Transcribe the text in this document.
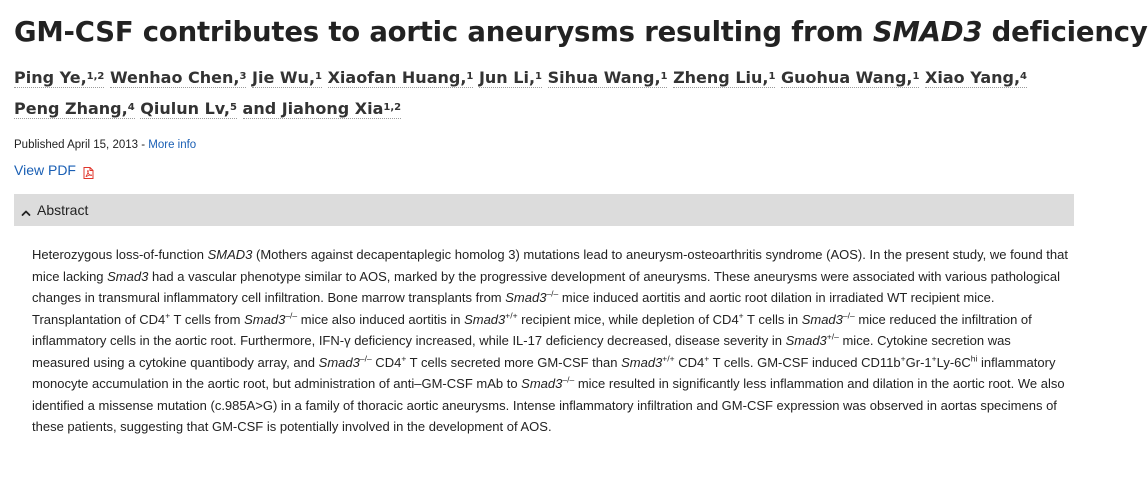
GM-CSF contributes to aortic aneurysms resulting from SMAD3 deficiency
Ping Ye,$^{1,2}$ Wenhao Chen,$^3$ Jie Wu,$^1$ Xiaofan Huang,$^1$ Jun Li,$^1$ Sihua Wang,$^1$ Zheng Liu,$^1$ Guohua Wang,$^1$ Xiao Yang,$^4$ Peng Zhang,$^4$ Qiulun Lv,$^5$ and Jiahong Xia$^{1,2}$
Published April 15, 2013 - More info
View PDF
Abstract
Heterozygous loss-of-function SMAD3 (Mothers against decapentaplegic homolog 3) mutations lead to aneurysm-osteoarthritis syndrome (AOS). In the present study, we found that mice lacking Smad3 had a vascular phenotype similar to AOS, marked by the progressive development of aneurysms. These aneurysms were associated with various pathological changes in transmural inflammatory cell infiltration. Bone marrow transplants from Smad3–/– mice induced aortitis and aortic root dilation in irradiated WT recipient mice. Transplantation of CD4+ T cells from Smad3–/– mice also induced aortitis in Smad3+/+ recipient mice, while depletion of CD4+ T cells in Smad3–/– mice reduced the infiltration of inflammatory cells in the aortic root. Furthermore, IFN-γ deficiency increased, while IL-17 deficiency decreased, disease severity in Smad3+/– mice. Cytokine secretion was measured using a cytokine quantibody array, and Smad3–/– CD4+ T cells secreted more GM-CSF than Smad3+/+ CD4+ T cells. GM-CSF induced $CD11b^+Gr-1^+Ly-6C^{hi}$ inflammatory monocyte accumulation in the aortic root, but administration of anti–GM-CSF mAb to Smad3–/– mice resulted in significantly less inflammation and dilation in the aortic root. We also identified a missense mutation (c.985A>G) in a family of thoracic aortic aneurysms. Intense inflammatory infiltration and GM-CSF expression was observed in aortas specimens of these patients, suggesting that GM-CSF is potentially involved in the development of AOS.
